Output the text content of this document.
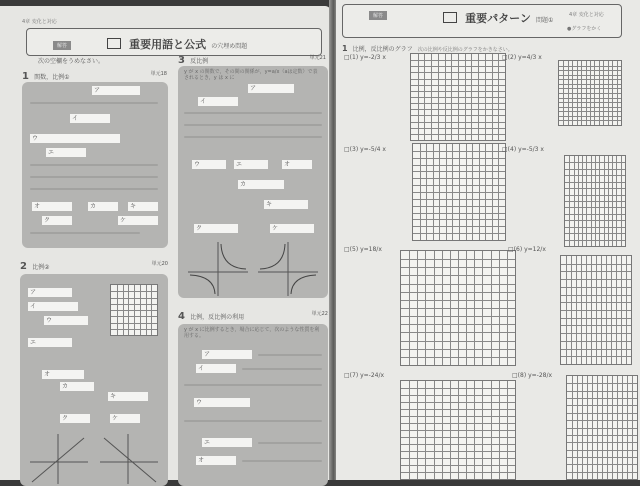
4章 変化と対応
解答	重要用語と公式 の穴埋め問題
次の空欄をうめなさい。
1 関数，比例①	単元18
ア
イ
ウ
エ
オ	カ	キ
ク	ケ
2 比例②	単元20
ア
イ
ウ
エ
オ
カ
キ
ク	ケ
3 反比例	単元21
y が x の関数で，その間の関係が，y=a/x（aは定数）で表されるとき，y は x に
ア
イ
ウ	エ	オ
カ
キ
ク	ケ
4 比例，反比例の利用	単元22
y が x に比例するとき，場合に応じて，次のような性質を利用する。
ア
イ
ウ
エ
オ
解答	重要パターン 問題①
4章 変化と対応
●グラフをかく
1 比例，反比例のグラフ 次の比例や反比例のグラフをかきなさい。
□(1) y=-2/3 x	□(2) y=4/3 x
□(3) y=-5/4 x	□(4) y=-5/3 x
□(5) y=18/x	□(6) y=12/x
□(7) y=-24/x	□(8) y=-28/x
